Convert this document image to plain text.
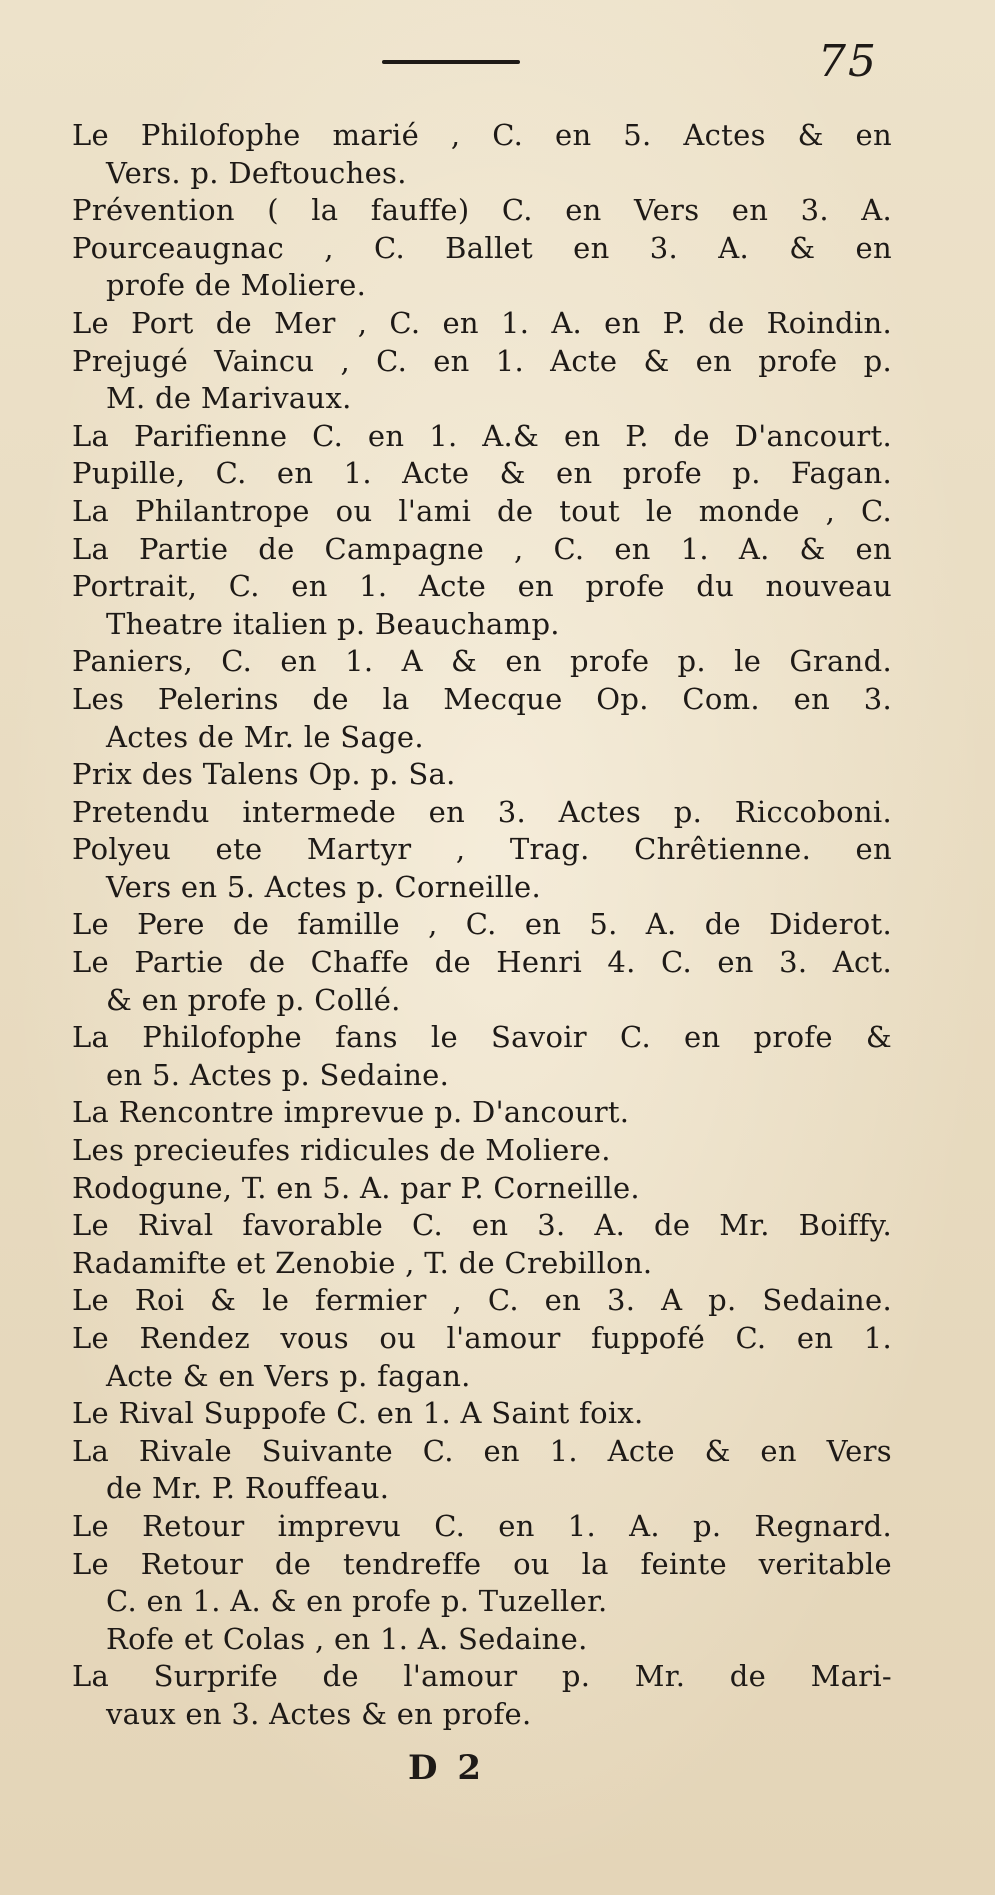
75
Le Philofophe marié , C. en 5. Actes & en
Vers. p. Deftouches.
Prévention ( la fauffe) C. en Vers en 3. A.
Pourceaugnac , C. Ballet en 3. A. & en
profe de Moliere.
Le Port de Mer , C. en 1. A. en P. de Roindin.
Prejugé Vaincu , C. en 1. Acte & en profe p.
M. de Marivaux.
La Parifienne C. en 1. A.& en P. de D'ancourt.
Pupille, C. en 1. Acte & en profe p. Fagan.
La Philantrope ou l'ami de tout le monde , C.
La Partie de Campagne , C. en 1. A. & en
Portrait, C. en 1. Acte en profe du nouveau
Theatre italien p. Beauchamp.
Paniers, C. en 1. A & en profe p. le Grand.
Les Pelerins de la Mecque Op. Com. en 3.
Actes de Mr. le Sage.
Prix des Talens Op. p. Sa.
Pretendu intermede en 3. Actes p. Riccoboni.
Polyeu ete Martyr , Trag. Chrêtienne. en
Vers en 5. Actes p. Corneille.
Le Pere de famille , C. en 5. A. de Diderot.
Le Partie de Chaffe de Henri 4. C. en 3. Act.
& en profe p. Collé.
La Philofophe fans le Savoir C. en profe &
en 5. Actes p. Sedaine.
La Rencontre imprevue p. D'ancourt.
Les precieufes ridicules de Moliere.
Rodogune, T. en 5. A. par P. Corneille.
Le Rival favorable C. en 3. A. de Mr. Boiffy.
Radamifte et Zenobie , T. de Crebillon.
Le Roi & le fermier , C. en 3. A p. Sedaine.
Le Rendez vous ou l'amour fuppofé C. en 1.
Acte & en Vers p. fagan.
Le Rival Suppofe C. en 1. A Saint foix.
La Rivale Suivante C. en 1. Acte & en Vers
de Mr. P. Rouffeau.
Le Retour imprevu C. en 1. A. p. Regnard.
Le Retour de tendreffe ou la feinte veritable
C. en 1. A. & en profe p. Tuzeller.
Rofe et Colas , en 1. A. Sedaine.
La Surprife de l'amour p. Mr. de Mari-
vaux en 3. Actes & en profe.
D 2
